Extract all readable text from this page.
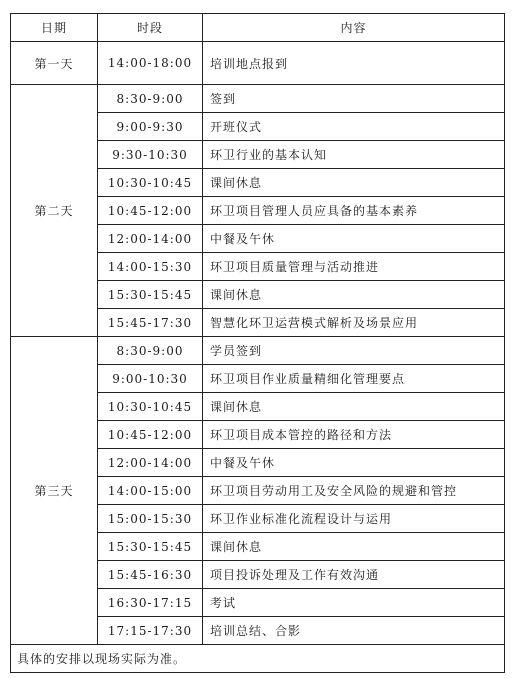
日期	时段	内容
第一天	14:00-18:00	培训地点报到
第二天	8:30-9:00	签到
	9:00-9:30	开班仪式
	9:30-10:30	环卫行业的基本认知
	10:30-10:45	课间休息
	10:45-12:00	环卫项目管理人员应具备的基本素养
	12:00-14:00	中餐及午休
	14:00-15:30	环卫项目质量管理与活动推进
	15:30-15:45	课间休息
	15:45-17:30	智慧化环卫运营模式解析及场景应用
第三天	8:30-9:00	学员签到
	9:00-10:30	环卫项目作业质量精细化管理要点
	10:30-10:45	课间休息
	10:45-12:00	环卫项目成本管控的路径和方法
	12:00-14:00	中餐及午休
	14:00-15:00	环卫项目劳动用工及安全风险的规避和管控
	15:00-15:30	环卫作业标准化流程设计与运用
	15:30-15:45	课间休息
	15:45-16:30	项目投诉处理及工作有效沟通
	16:30-17:15	考试
	17:15-17:30	培训总结、合影
具体的安排以现场实际为准。		
